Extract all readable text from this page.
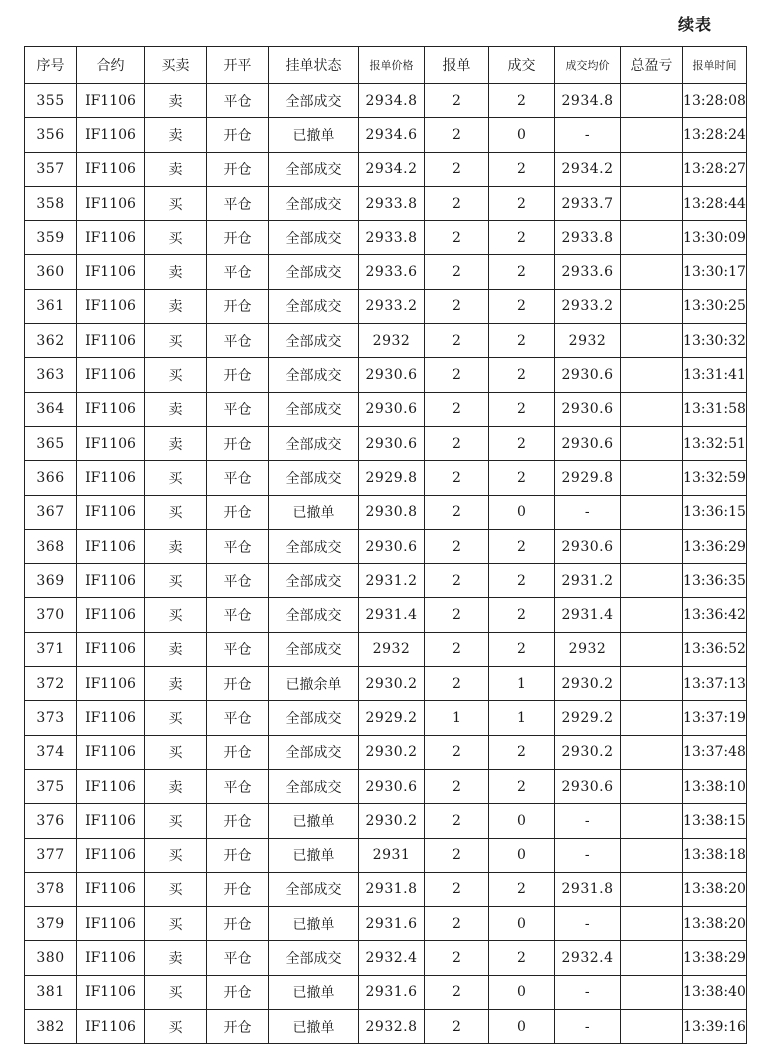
续表
序号	合约	买卖	开平	挂单状态	报单价格	报单	成交	成交均价	总盈亏	报单时间
355	IF1106	卖	平仓	全部成交	2934.8	2	2	2934.8		13:28:08
356	IF1106	卖	开仓	已撤单	2934.6	2	0	-		13:28:24
357	IF1106	卖	开仓	全部成交	2934.2	2	2	2934.2		13:28:27
358	IF1106	买	平仓	全部成交	2933.8	2	2	2933.7		13:28:44
359	IF1106	买	开仓	全部成交	2933.8	2	2	2933.8		13:30:09
360	IF1106	卖	平仓	全部成交	2933.6	2	2	2933.6		13:30:17
361	IF1106	卖	开仓	全部成交	2933.2	2	2	2933.2		13:30:25
362	IF1106	买	平仓	全部成交	2932	2	2	2932		13:30:32
363	IF1106	买	开仓	全部成交	2930.6	2	2	2930.6		13:31:41
364	IF1106	卖	平仓	全部成交	2930.6	2	2	2930.6		13:31:58
365	IF1106	卖	开仓	全部成交	2930.6	2	2	2930.6		13:32:51
366	IF1106	买	平仓	全部成交	2929.8	2	2	2929.8		13:32:59
367	IF1106	买	开仓	已撤单	2930.8	2	0	-		13:36:15
368	IF1106	卖	平仓	全部成交	2930.6	2	2	2930.6		13:36:29
369	IF1106	买	平仓	全部成交	2931.2	2	2	2931.2		13:36:35
370	IF1106	买	平仓	全部成交	2931.4	2	2	2931.4		13:36:42
371	IF1106	卖	平仓	全部成交	2932	2	2	2932		13:36:52
372	IF1106	卖	开仓	已撤余单	2930.2	2	1	2930.2		13:37:13
373	IF1106	买	平仓	全部成交	2929.2	1	1	2929.2		13:37:19
374	IF1106	买	开仓	全部成交	2930.2	2	2	2930.2		13:37:48
375	IF1106	卖	平仓	全部成交	2930.6	2	2	2930.6		13:38:10
376	IF1106	买	开仓	已撤单	2930.2	2	0	-		13:38:15
377	IF1106	买	开仓	已撤单	2931	2	0	-		13:38:18
378	IF1106	买	开仓	全部成交	2931.8	2	2	2931.8		13:38:20
379	IF1106	买	开仓	已撤单	2931.6	2	0	-		13:38:20
380	IF1106	卖	平仓	全部成交	2932.4	2	2	2932.4		13:38:29
381	IF1106	买	开仓	已撤单	2931.6	2	0	-		13:38:40
382	IF1106	买	开仓	已撤单	2932.8	2	0	-		13:39:16
